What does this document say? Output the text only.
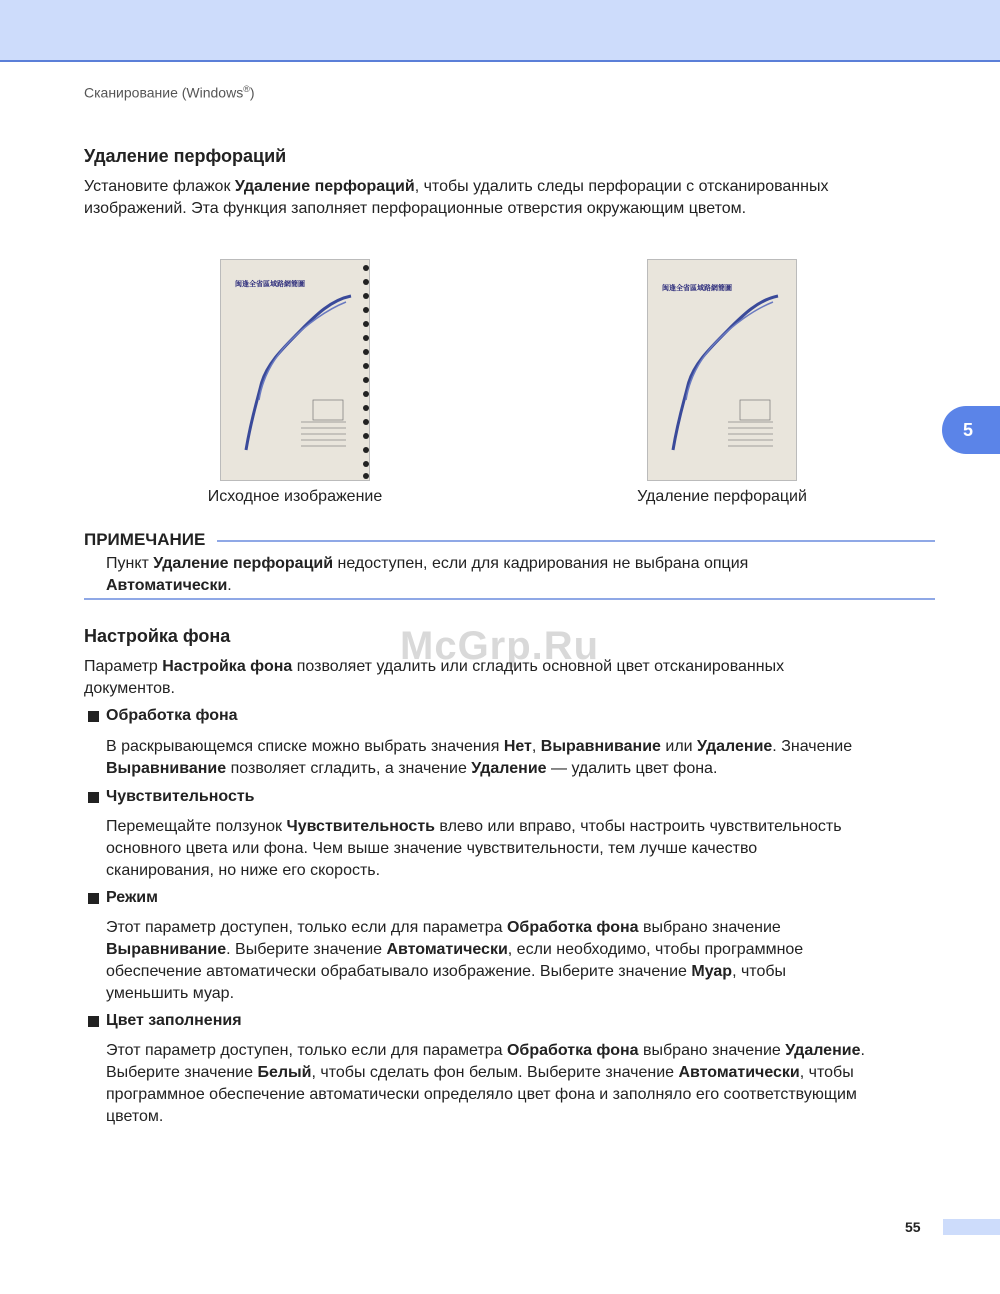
Сканирование (Windows®)
5
Удаление перфораций

Установите флажок Удаление перфораций, чтобы удалить следы перфорации с отсканированных
изображений. Эта функция заполняет перфорационные отверстия окружающим цветом.

闽逢全省區域路網簡圖
Исходное изображение
闽逢全省區域路網簡圖
Удаление перфораций
ПРИМЕЧАНИЕ

Пункт Удаление перфораций недоступен, если для кадрирования не выбрана опция
Автоматически.

McGrp.Ru
Настройка фона

Параметр Настройка фона позволяет удалить или сгладить основной цвет отсканированных
документов.

Обработка фона

В раскрывающемся списке можно выбрать значения Нет, Выравнивание или Удаление. Значение
Выравнивание позволяет сгладить, а значение Удаление — удалить цвет фона.

Чувствительность

Перемещайте ползунок Чувствительность влево или вправо, чтобы настроить чувствительность
основного цвета или фона. Чем выше значение чувствительности, тем лучше качество
сканирования, но ниже его скорость.

Режим

Этот параметр доступен, только если для параметра Обработка фона выбрано значение
Выравнивание. Выберите значение Автоматически, если необходимо, чтобы программное
обеспечение автоматически обрабатывало изображение. Выберите значение Муар, чтобы
уменьшить муар.

Цвет заполнения

Этот параметр доступен, только если для параметра Обработка фона выбрано значение Удаление.
Выберите значение Белый, чтобы сделать фон белым. Выберите значение Автоматически, чтобы
программное обеспечение автоматически определяло цвет фона и заполняло его соответствующим
цветом.

55
